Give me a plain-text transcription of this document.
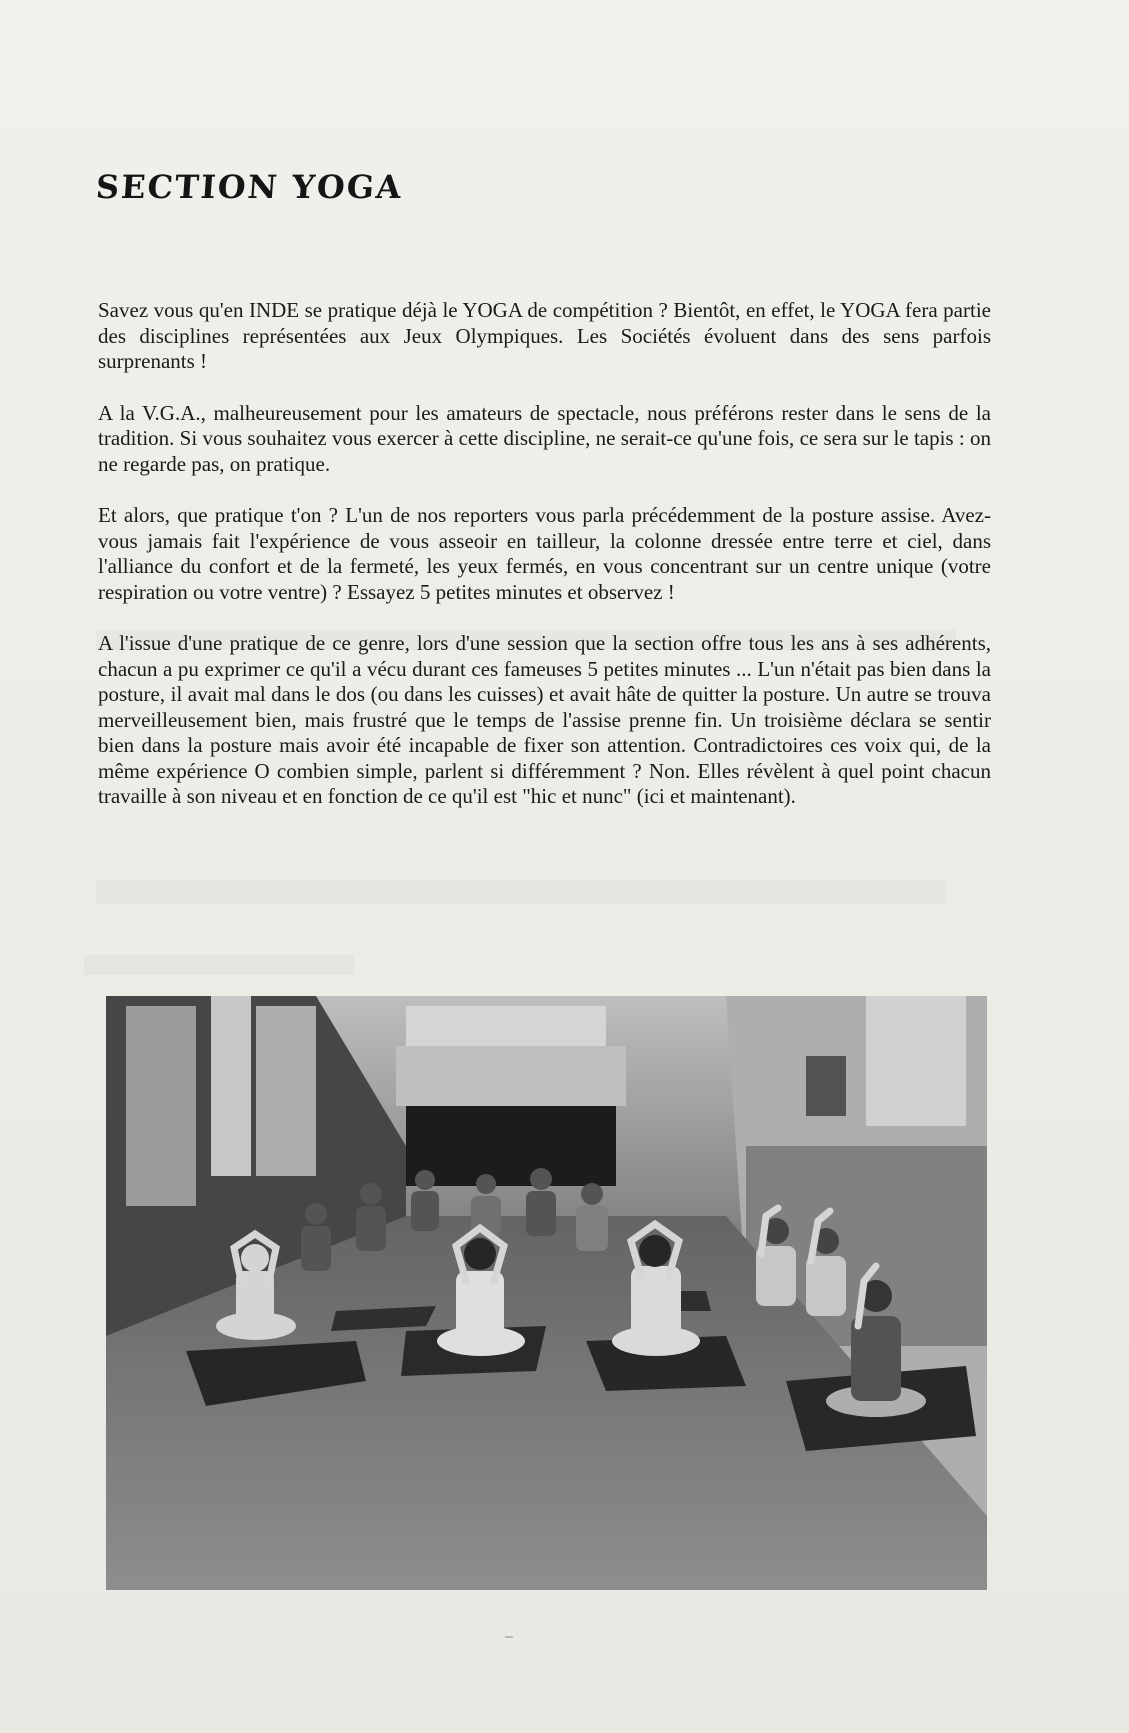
SECTION YOGA

Savez vous qu'en INDE se pratique déjà le YOGA de compétition ? Bientôt, en effet, le YOGA fera partie des disciplines représentées aux Jeux Olympiques. Les Sociétés évoluent dans des sens parfois surprenants !

A la V.G.A., malheureusement pour les amateurs de spectacle, nous préférons rester dans le sens de la tradition. Si vous souhaitez vous exercer à cette discipline, ne serait-ce qu'une fois, ce sera sur le tapis : on ne regarde pas, on pratique.

Et alors, que pratique t'on ? L'un de nos reporters vous parla précédemment de la posture assise. Avez-vous jamais fait l'expérience de vous asseoir en tailleur, la colonne dressée entre terre et ciel, dans l'alliance du confort et de la fermeté, les yeux fermés, en vous concentrant sur un centre unique (votre respiration ou votre ventre) ? Essayez 5 petites minutes et observez !

A l'issue d'une pratique de ce genre, lors d'une session que la section offre tous les ans à ses adhérents, chacun a pu exprimer ce qu'il a vécu durant ces fameuses 5 petites minutes ... L'un n'était pas bien dans la posture, il avait mal dans le dos (ou dans les cuisses) et avait hâte de quitter la posture. Un autre se trouva merveilleusement bien, mais frustré que le temps de l'assise prenne fin. Un troisième déclara se sentir bien dans la posture mais avoir été incapable de fixer son attention. Contradictoires ces voix qui, de la même expérience O combien simple, parlent si différemment ? Non. Elles révèlent à quel point chacun travaille à son niveau et en fonction de ce qu'il est "hic et nunc" (ici et maintenant).
